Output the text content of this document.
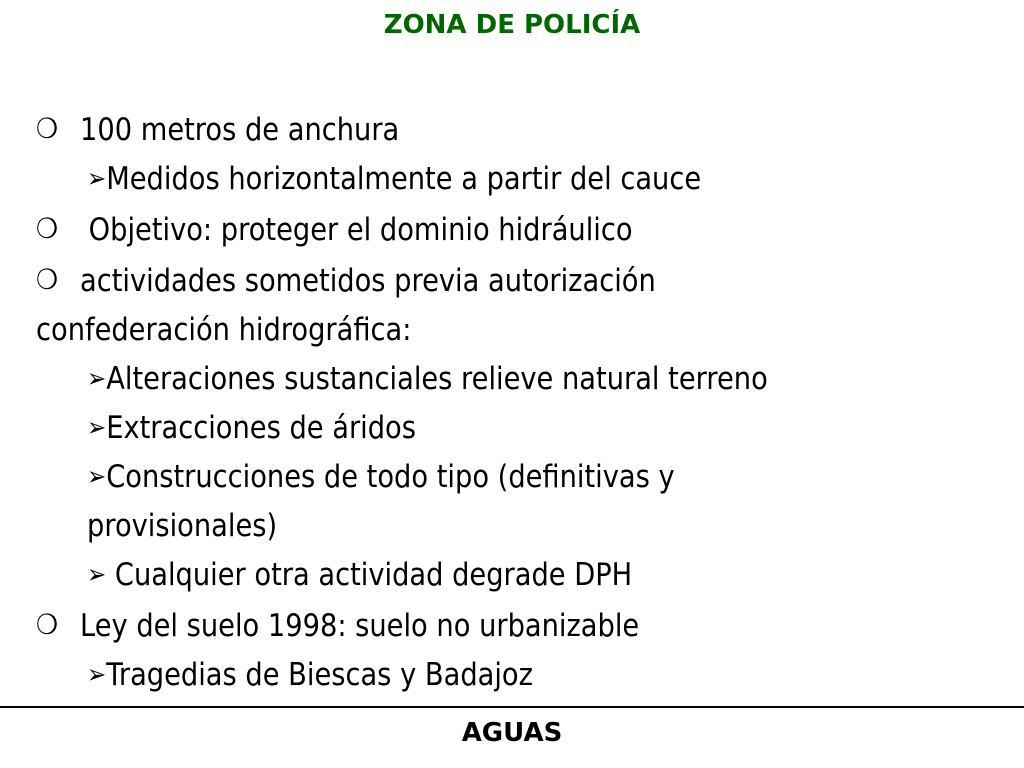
ZONA DE POLICÍA
❍ 100 metros de anchura
➢Medidos horizontalmente a partir del cauce
❍ Objetivo: proteger el dominio hidráulico
❍ actividades sometidos previa autorización
confederación hidrográfica:
➢Alteraciones sustanciales relieve natural terreno
➢Extracciones de áridos
➢Construcciones de todo tipo (definitivas y
provisionales)
➢ Cualquier otra actividad degrade DPH
❍ Ley del suelo 1998: suelo no urbanizable
➢Tragedias de Biescas y Badajoz
AGUAS
